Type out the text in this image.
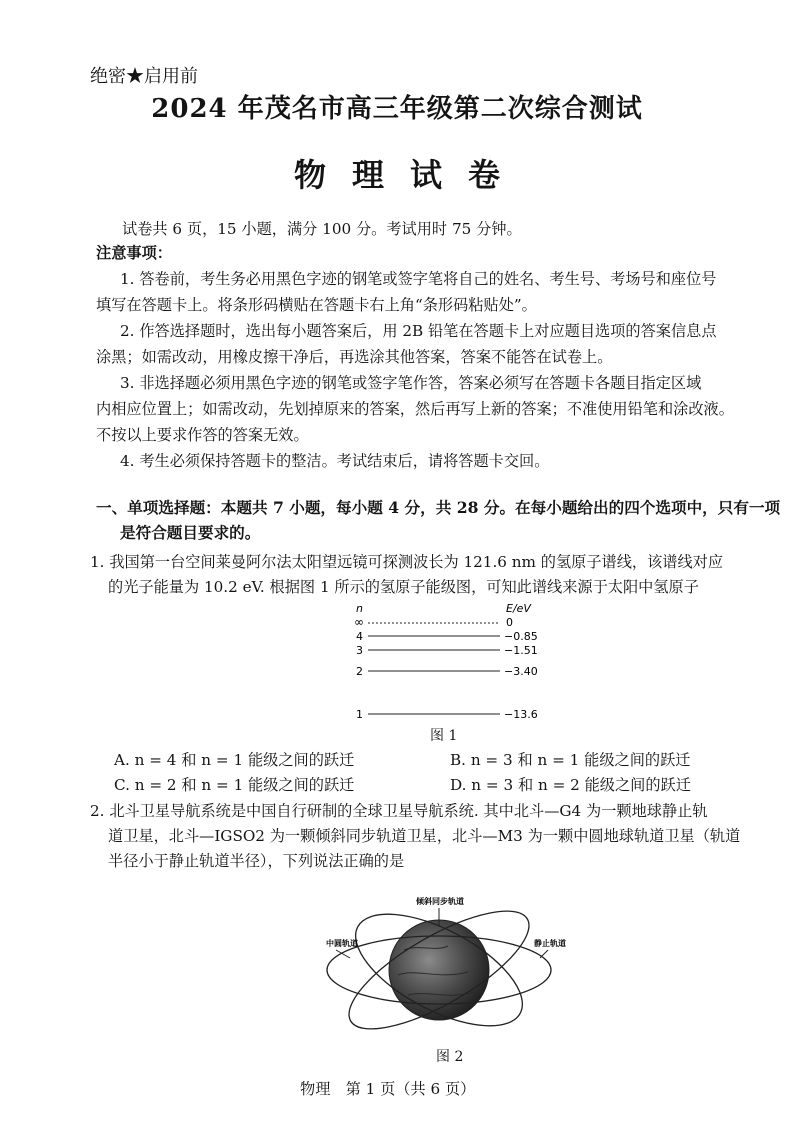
绝密★启用前
2024 年茂名市高三年级第二次综合测试
物理试卷
试卷共 6 页，15 小题，满分 100 分。考试用时 75 分钟。
注意事项：
1. 答卷前，考生务必用黑色字迹的钢笔或签字笔将自己的姓名、考生号、考场号和座位号
填写在答题卡上。将条形码横贴在答题卡右上角“条形码粘贴处”。
2. 作答选择题时，选出每小题答案后，用 2B 铅笔在答题卡上对应题目选项的答案信息点
涂黑；如需改动，用橡皮擦干净后，再选涂其他答案，答案不能答在试卷上。
3. 非选择题必须用黑色字迹的钢笔或签字笔作答，答案必须写在答题卡各题目指定区域
内相应位置上；如需改动，先划掉原来的答案，然后再写上新的答案；不准使用铅笔和涂改液。
不按以上要求作答的答案无效。
4. 考生必须保持答题卡的整洁。考试结束后，请将答题卡交回。
一、单项选择题：本题共 7 小题，每小题 4 分，共 28 分。在每小题给出的四个选项中，只有一项
是符合题目要求的。
1. 我国第一台空间莱曼阿尔法太阳望远镜可探测波长为 121.6 nm 的氢原子谱线，该谱线对应
的光子能量为 10.2 eV. 根据图 1 所示的氢原子能级图，可知此谱线来源于太阳中氢原子
n	E/eV
∞	0
4	−0.85
3	−1.51
2	−3.40
1	−13.6
图 1
A. n = 4 和 n = 1 能级之间的跃迁	B. n = 3 和 n = 1 能级之间的跃迁
C. n = 2 和 n = 1 能级之间的跃迁	D. n = 3 和 n = 2 能级之间的跃迁
2. 北斗卫星导航系统是中国自行研制的全球卫星导航系统. 其中北斗—G4 为一颗地球静止轨
道卫星，北斗—IGSO2 为一颗倾斜同步轨道卫星，北斗—M3 为一颗中圆地球轨道卫星（轨道
半径小于静止轨道半径），下列说法正确的是
倾斜同步轨道
中圆轨道	静止轨道
图 2
物理　第 1 页（共 6 页）
